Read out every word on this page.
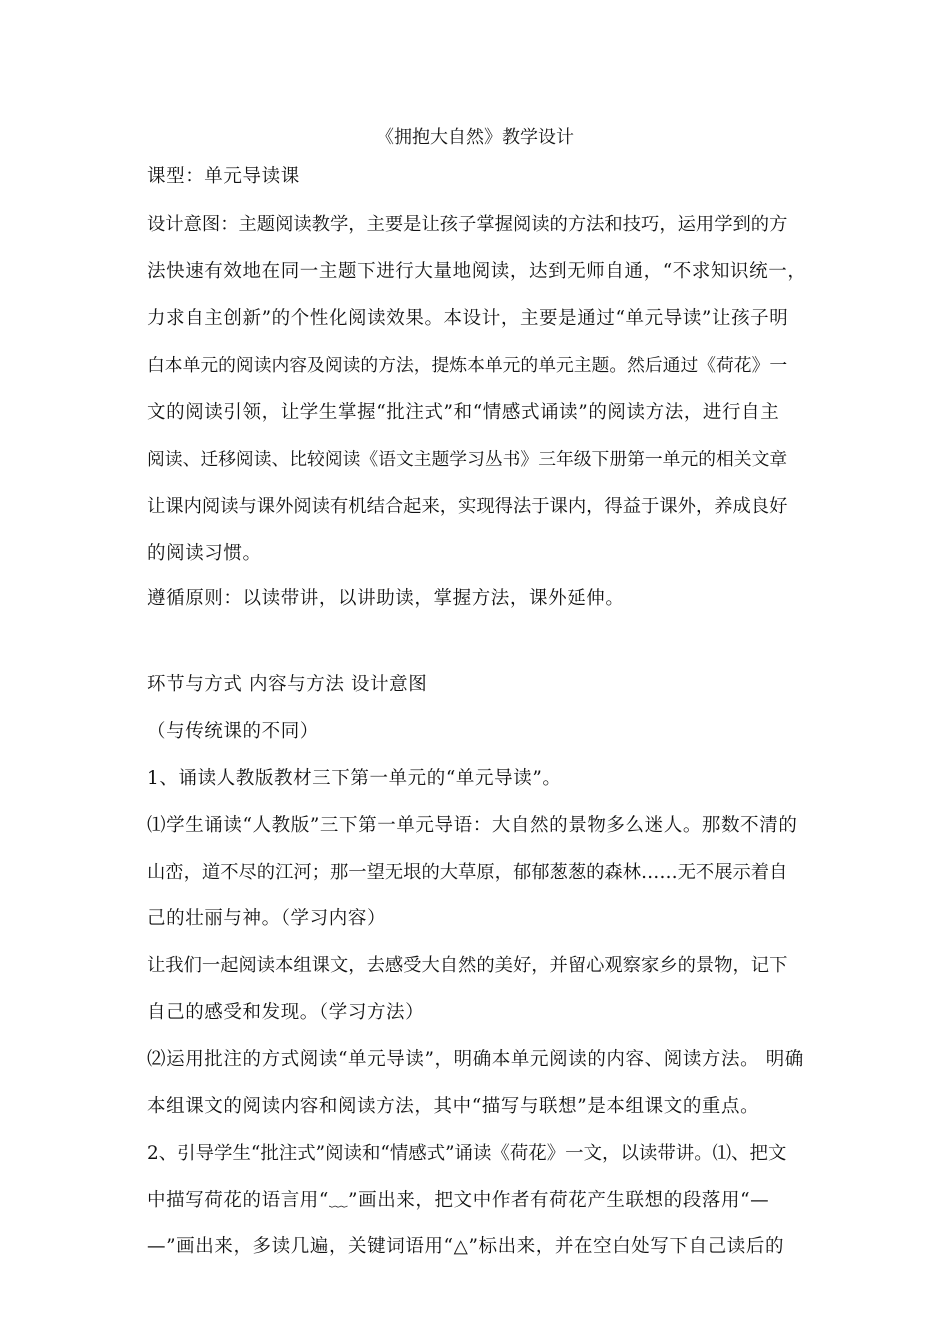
《拥抱大自然》教学设计
课型：单元导读课
设计意图：主题阅读教学，主要是让孩子掌握阅读的方法和技巧，运用学到的方
法快速有效地在同一主题下进行大量地阅读，达到无师自通，“不求知识统一，
力求自主创新”的个性化阅读效果。本设计，主要是通过“单元导读”让孩子明
白本单元的阅读内容及阅读的方法，提炼本单元的单元主题。然后通过《荷花》一
文的阅读引领，让学生掌握“批注式”和“情感式诵读”的阅读方法，进行自主
阅读、迁移阅读、比较阅读《语文主题学习丛书》三年级下册第一单元的相关文章
让课内阅读与课外阅读有机结合起来，实现得法于课内，得益于课外，养成良好
的阅读习惯。
遵循原则：以读带讲，以讲助读，掌握方法，课外延伸。
环节与方式 内容与方法 设计意图
（与传统课的不同）
1、诵读人教版教材三下第一单元的“单元导读”。
⑴学生诵读“人教版”三下第一单元导语：大自然的景物多么迷人。那数不清的
山峦，道不尽的江河；那一望无垠的大草原，郁郁葱葱的森林……无不展示着自
己的壮丽与神。（学习内容）
让我们一起阅读本组课文，去感受大自然的美好，并留心观察家乡的景物，记下
自己的感受和发现。（学习方法）
⑵运用批注的方式阅读“单元导读”，明确本单元阅读的内容、阅读方法。 明确
本组课文的阅读内容和阅读方法，其中“描写与联想”是本组课文的重点。
2、引导学生“批注式”阅读和“情感式”诵读《荷花》一文，以读带讲。⑴、把文
中描写荷花的语言用“﹏”画出来，把文中作者有荷花产生联想的段落用“—
—”画出来，多读几遍，关键词语用“△”标出来，并在空白处写下自己读后的
